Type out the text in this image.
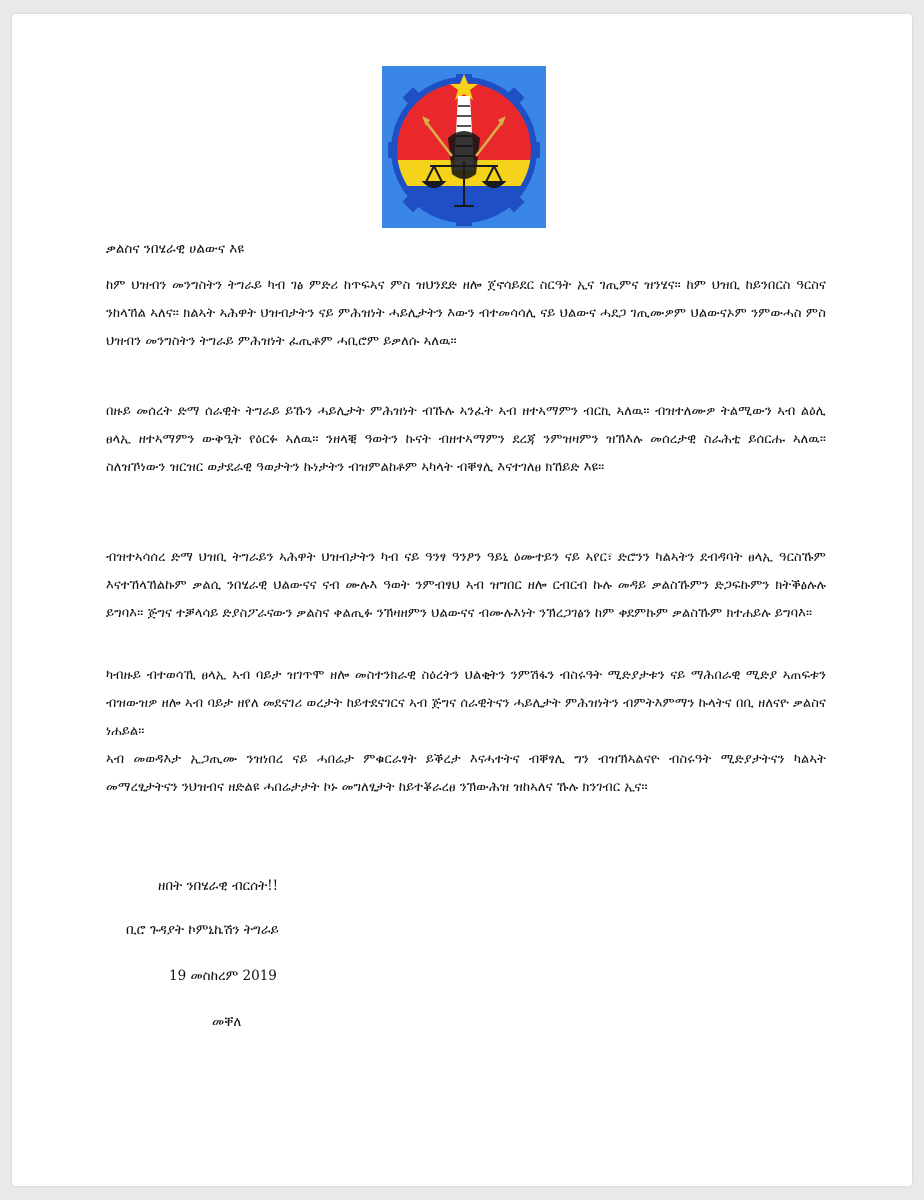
ቃልስና ንበሄራዊ ሀልውና እዩ

ከም ህዝብን መንግስትን ትግራይ ካብ ገፅ ምድሪ ከጥፍኣና ምስ ዝህንደድ ዘሎ ጀኖሳይደር ስርዓት ኢና ገጢምና ዝንሄና። ከም ህዝቢ ከይንበርስ ዓርስና ንከላኸል ኣለና። ክልኣት ኣሕዋት ህዝብታትን ናይ ምሕዝነት ሓይሊታትን እውን ብተመሳሳሊ ናይ ህልውና ሓደጋ ገጢሙዎም ህልውናኦም ንምውሓስ ምስ ህዝብን መንግስትን ትግራይ ምሕዝነት ፈጢቶም ሓቢሮም ይቃለሱ ኣለዉ።

በዙይ መሰረት ድማ ሰራዊት ትግራይ ይኹን ሓይሊታት ምሕዝነት ብኹሉ ኣንፈት ኣብ ዘተኣማምን ብርኪ ኣለዉ። ብዝተለሙዎ ትልሚውን ኣብ ልዕሊ ፀላኢ ዘተኣማምን ውቅዒት የዕርፉ ኣለዉ። ንዘላቒ ዓወትን ኩናት ብዘተኣማምን ደረጃ ንምዝዛምን ዝኽእሉ መሰረታዊ ስራሕቲ ይሰርሑ ኣለዉ። ስለዝኾነውን ዝርዝር ወታደራዊ ዓወታትን ኩነታትን ብዝምልከቶም ኣካላት ብቐፃሊ እናተገለፀ ክኸይድ እዩ።

ብዝተኣሳሰረ ድማ ህዝቢ ትግራይን ኣሕዋት ህዝብታትን ካብ ናይ ዓንፃ ዓንፆን ዓይኒ ዕሙተይን ናይ ኣየር፣ ድሮንን ካልኣትን ደብዳባት ፀላኢ ዓርስኹም እናተኸላኸልኩም ቃልሲ ንበሄራዊ ህልውናና ናብ ሙሉእ ዓወት ንምብፃህ ኣብ ዝግበር ዘሎ ርብርብ ኩሉ መዳይ ቃልስኹምን ድጋፍኩምን ክትቕፅሉሉ ይግባእ። ጅግና ተቓላሳይ ድያስፖራናውን ቃልስና ቀልጢፉ ንኽዛዘምን ህልውናና ብሙሉእነት ንኽረጋገፅን ከም ቀደምኩም ቃልስኹም ክተሐይሉ ይግባእ።

ካብዙይ ብተወሳኺ ፀላኢ ኣብ ባይታ ዝገጥሞ ዘሎ መስተንክራዊ ስዕረትን ህልቂትን ንምሽፋን ብስሩዓት ሚድያታቱን ናይ ማሕበራዊ ሚድያ ኣጠፍቱን ብዝውዝዎ ዘሎ ኣብ ባይታ ዘየለ መደናገሪ ወረታት ከይተደናገርና ኣብ ጅግና ሰራዊትናን ሓይሊታት ምሕዝነትን ብምትእምማን ኩላትና በቢ ዘለናዮ ቃልስና ነሐይል።

ኣብ መወዳእታ ኢጋጢሙ ንዝነበረ ናይ ሓበሬታ ምቁርራፃት ይቕረታ እናሓተትና ብቐፃሊ ግን ብዝኽኣልናዮ ብስሩዓት ሚድያታትናን ካልኣት መማረፂታትናን ንህዝብና ዘድልዩ ሓበሬታታት ኮኑ መግለፂታት ከይተቖራረፀ ንኽውሕዝ ዝከኣለና ኹሉ ክንገብር ኢና።

ዘበት ንበሄራዊ ብርሰት!!
ቢሮ ጉዳያት ኮምኒኬሽን ትግራይ
19 መስከረም 2019
መቐለ
